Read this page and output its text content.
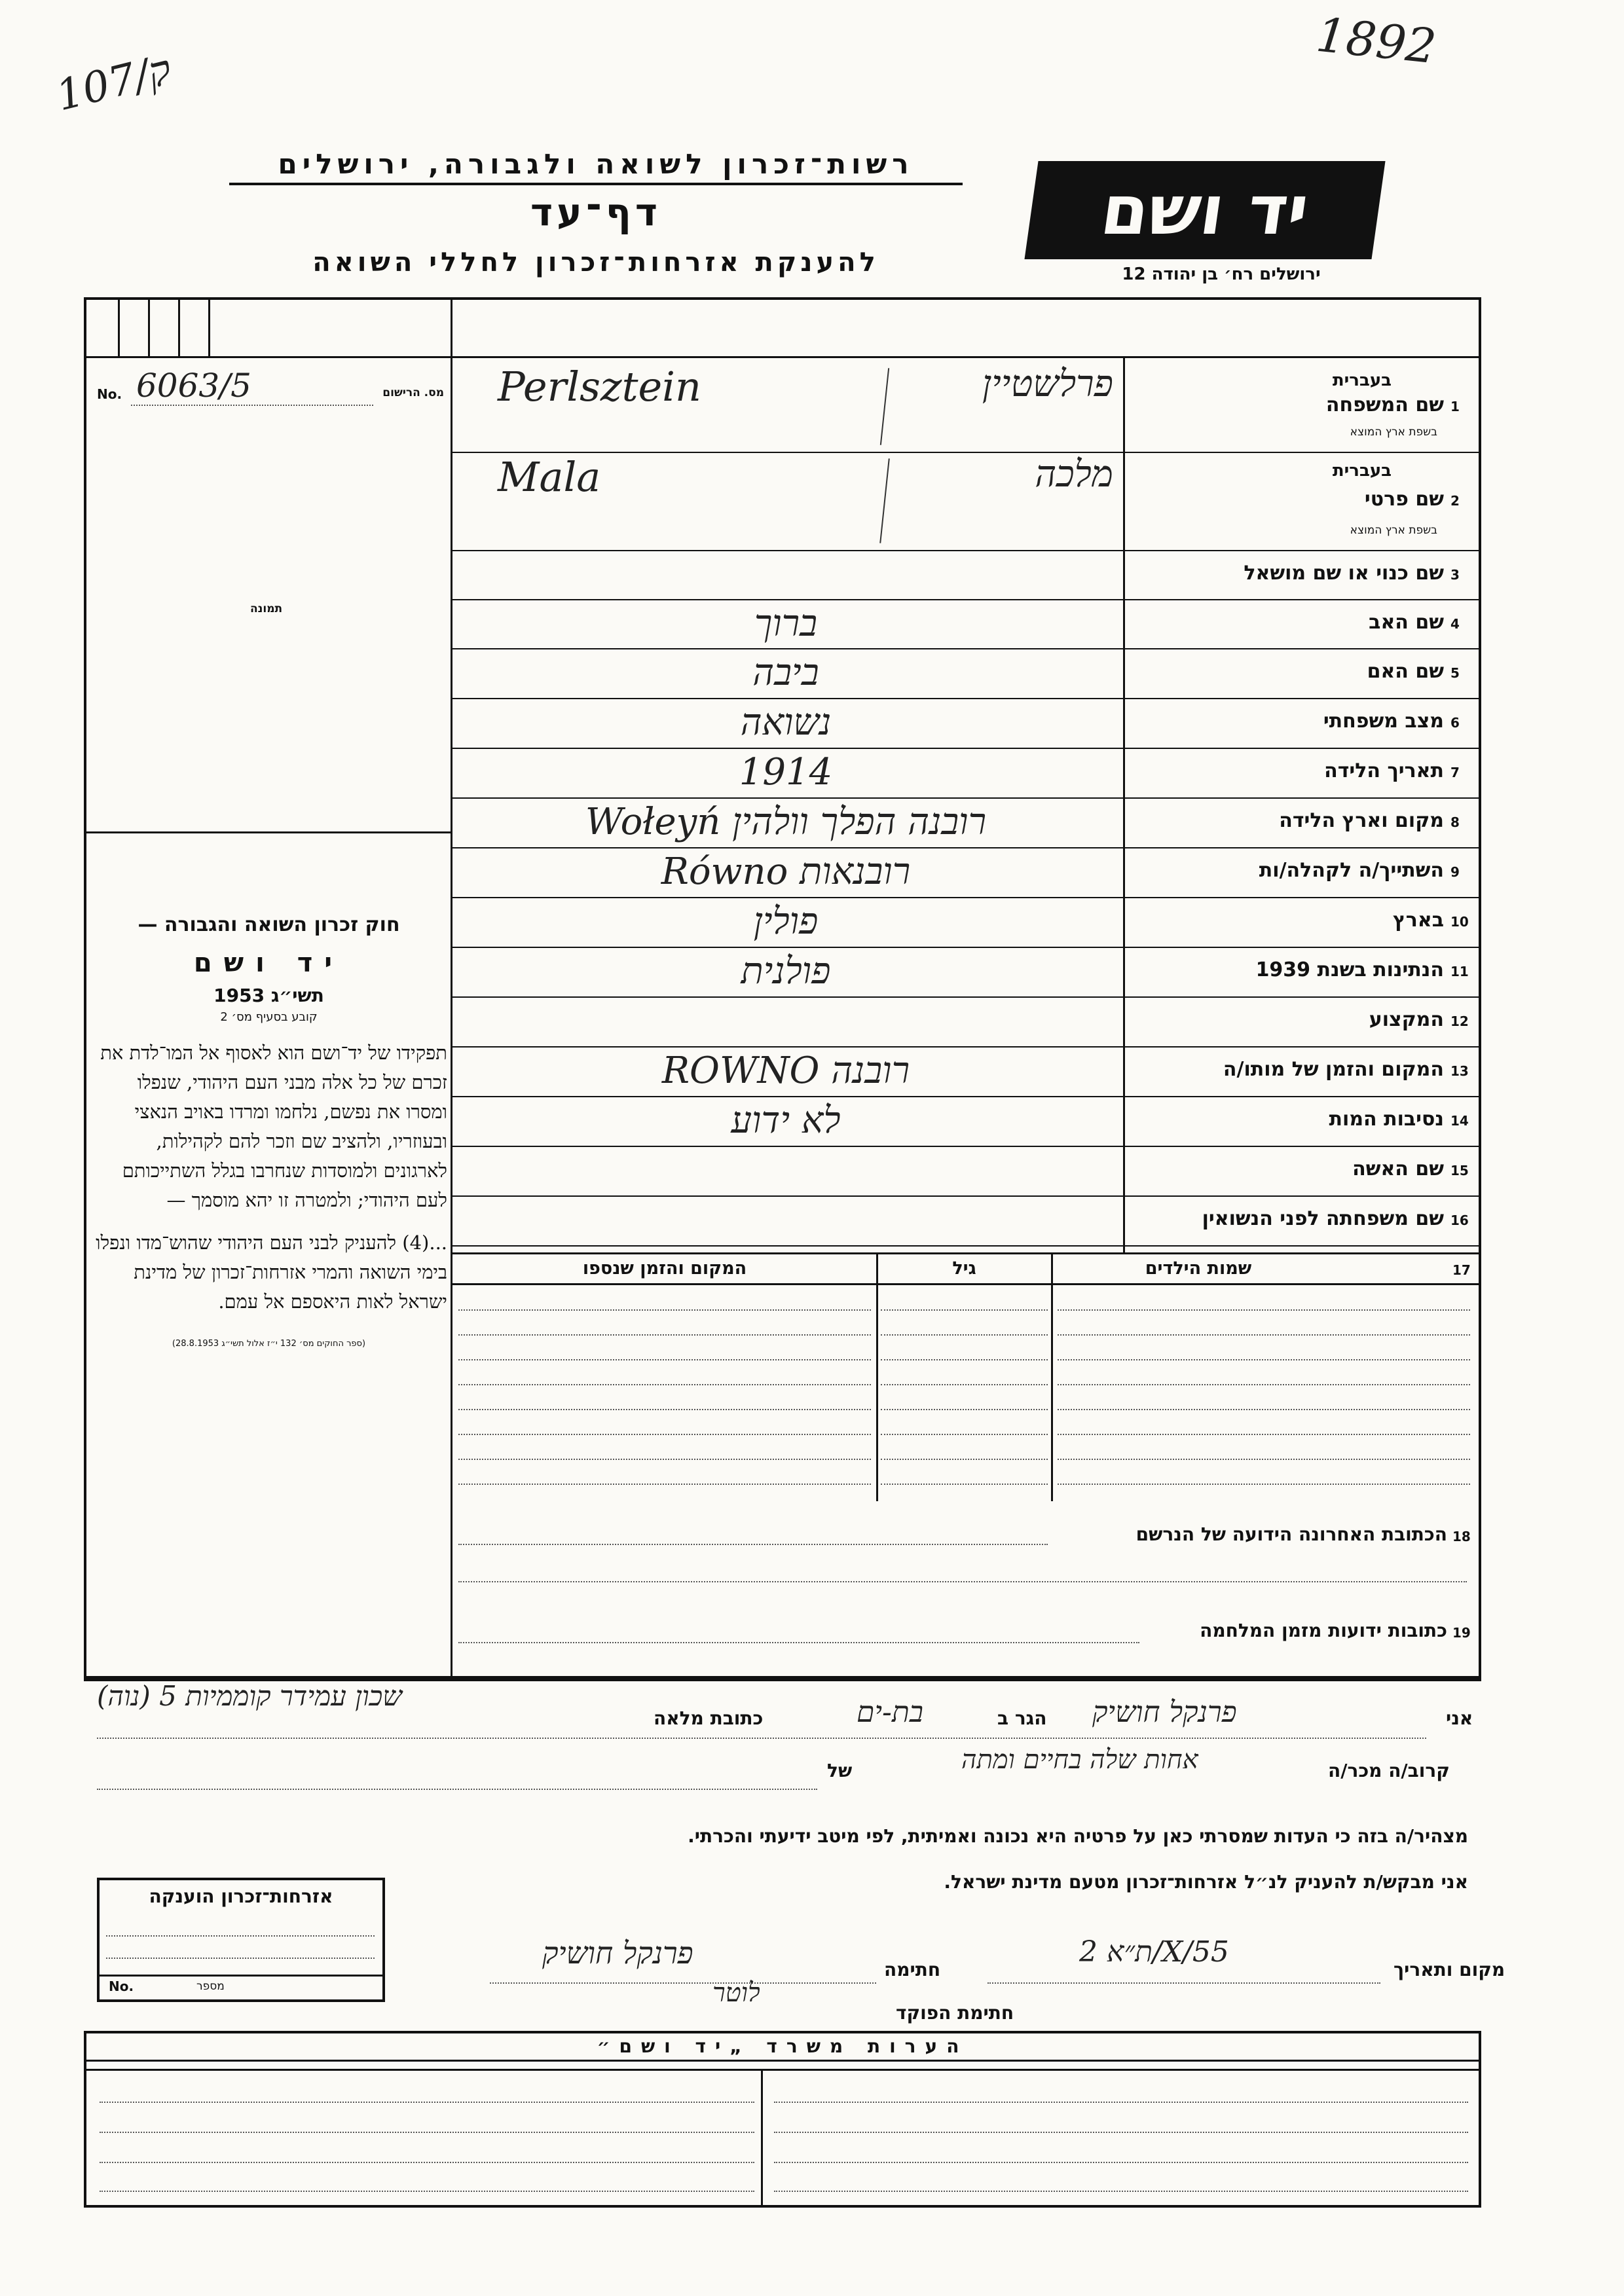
ק/107	1892
רשות־זכרון לשואה ולגבורה, ירושלים
דף־עד
להענקת אזרחות־זכרון לחללי השואה
יד ושם
ירושלים רח׳ בן יהודה 12
No. 6063/5	מס. הרישום
תמונה
1
שם המשפחה
בעברית
בשפת ארץ המוצא
פרלשטיין
Perlsztein
2
שם פרטי
בעברית
בשפת ארץ המוצא
מלכה
Mala
3
שם כנוי או שם מושאל
4
שם האב
ברוך
5
שם האם
ביבה
6
מצב משפחתי
נשואה
7
תאריך הלידה
1914
8
מקום וארץ הלידה
רובנה הפלך וולהין Wołeyń
9
השתייך/ה לקהלה/ות
רובנאות Równo
10
בארץ
פולין
11
הנתינות בשנת 1939
פולנית
12
המקצוע
13
המקום והזמן של מותו/ה
רובנה ROWNO
14
נסיבות המות
לא ידוע
15
שם האשה
16
שם משפחתה לפני הנשואין
חוק זכרון השואה והגבורה —
יד ושם
תשי״ג 1953
קובע בסעיף מס׳ 2
תפקידו של יד־ושם הוא לאסוף אל המו־לדת את זכרם של כל אלה מבני העם היהודי, שנפלו ומסרו את נפשם, נלחמו ומרדו באויב הנאצי ובעוזריו, ולהציב שם וזכר להם לקהילות, לארגונים ולמוסדות שנחרבו בגלל השתייכותם לעם היהודי; ולמטרה זו יהא מוסמך —
...(4) להעניק לבני העם היהודי שהוש־מדו ונפלו בימי השואה והמרי אזרחות־זכרון של מדינת ישראל לאות היאספם אל עמם.
(ספר החוקים מס׳ 132 י״ז אלול תשי״ג 28.8.1953)
17
שמות הילדים
גיל
המקום והזמן שנספו
18
הכתובת האחרונה הידועה של הנרשם
19
כתובות ידועות מזמן המלחמה
שכון עמידר קוממיות 5 (נוה)
כתובת מלאה	בת-ים	הגר ב פרנקל חושיק	אני
של	אחות שלה בחיים ומתה	קרוב/ה מכר/ה
מצהיר/ה בזה כי העדות שמסרתי כאן על פרטיה היא נכונה ואמיתית, לפי מיטב ידיעתי והכרתי.
אני מבקש/ת להעניק לנ״ל אזרחות־זכרון מטעם מדינת ישראל.
מקום ותאריך
ת״א 2/X/55
חתימה
פרנקל חושיק
חתימת הפוקד
לוטר
אזרחות־זכרון הוענקה
No.	מספר
הערות משרד „יד ושם״
